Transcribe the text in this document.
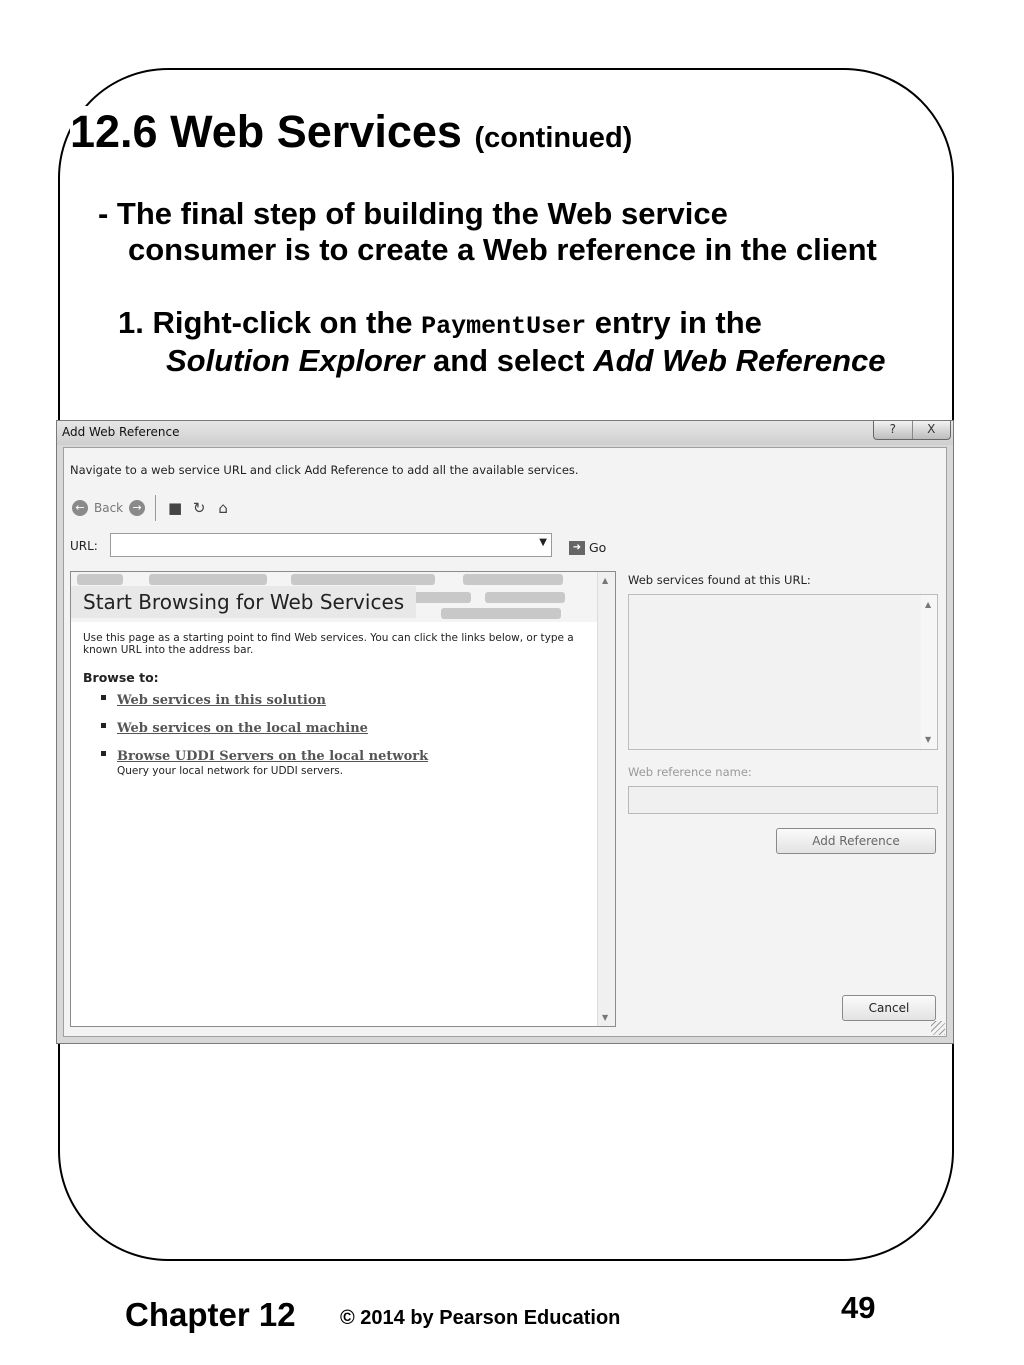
12.6 Web Services (continued)
- The final step of building the Web service
consumer is to create a Web reference in the client
1. Right-click on the PaymentUser entry in the
Solution Explorer and select Add Web Reference
Add Web Reference	?	X
Navigate to a web service URL and click Add Reference to add all the available services.
← Back → ■ ↻ ⌂
URL:	▼	➜ Go
Start Browsing for Web Services
Use this page as a starting point to find Web services. You can click the links below, or type a known URL into the address bar.
Browse to:
Web services in this solution
Web services on the local machine
Browse UDDI Servers on the local network
Query your local network for UDDI servers.
▲
▼
Web services found at this URL:
▲
▼
Web reference name:
Add Reference
Cancel
Chapter 12 © 2014 by Pearson Education	49
